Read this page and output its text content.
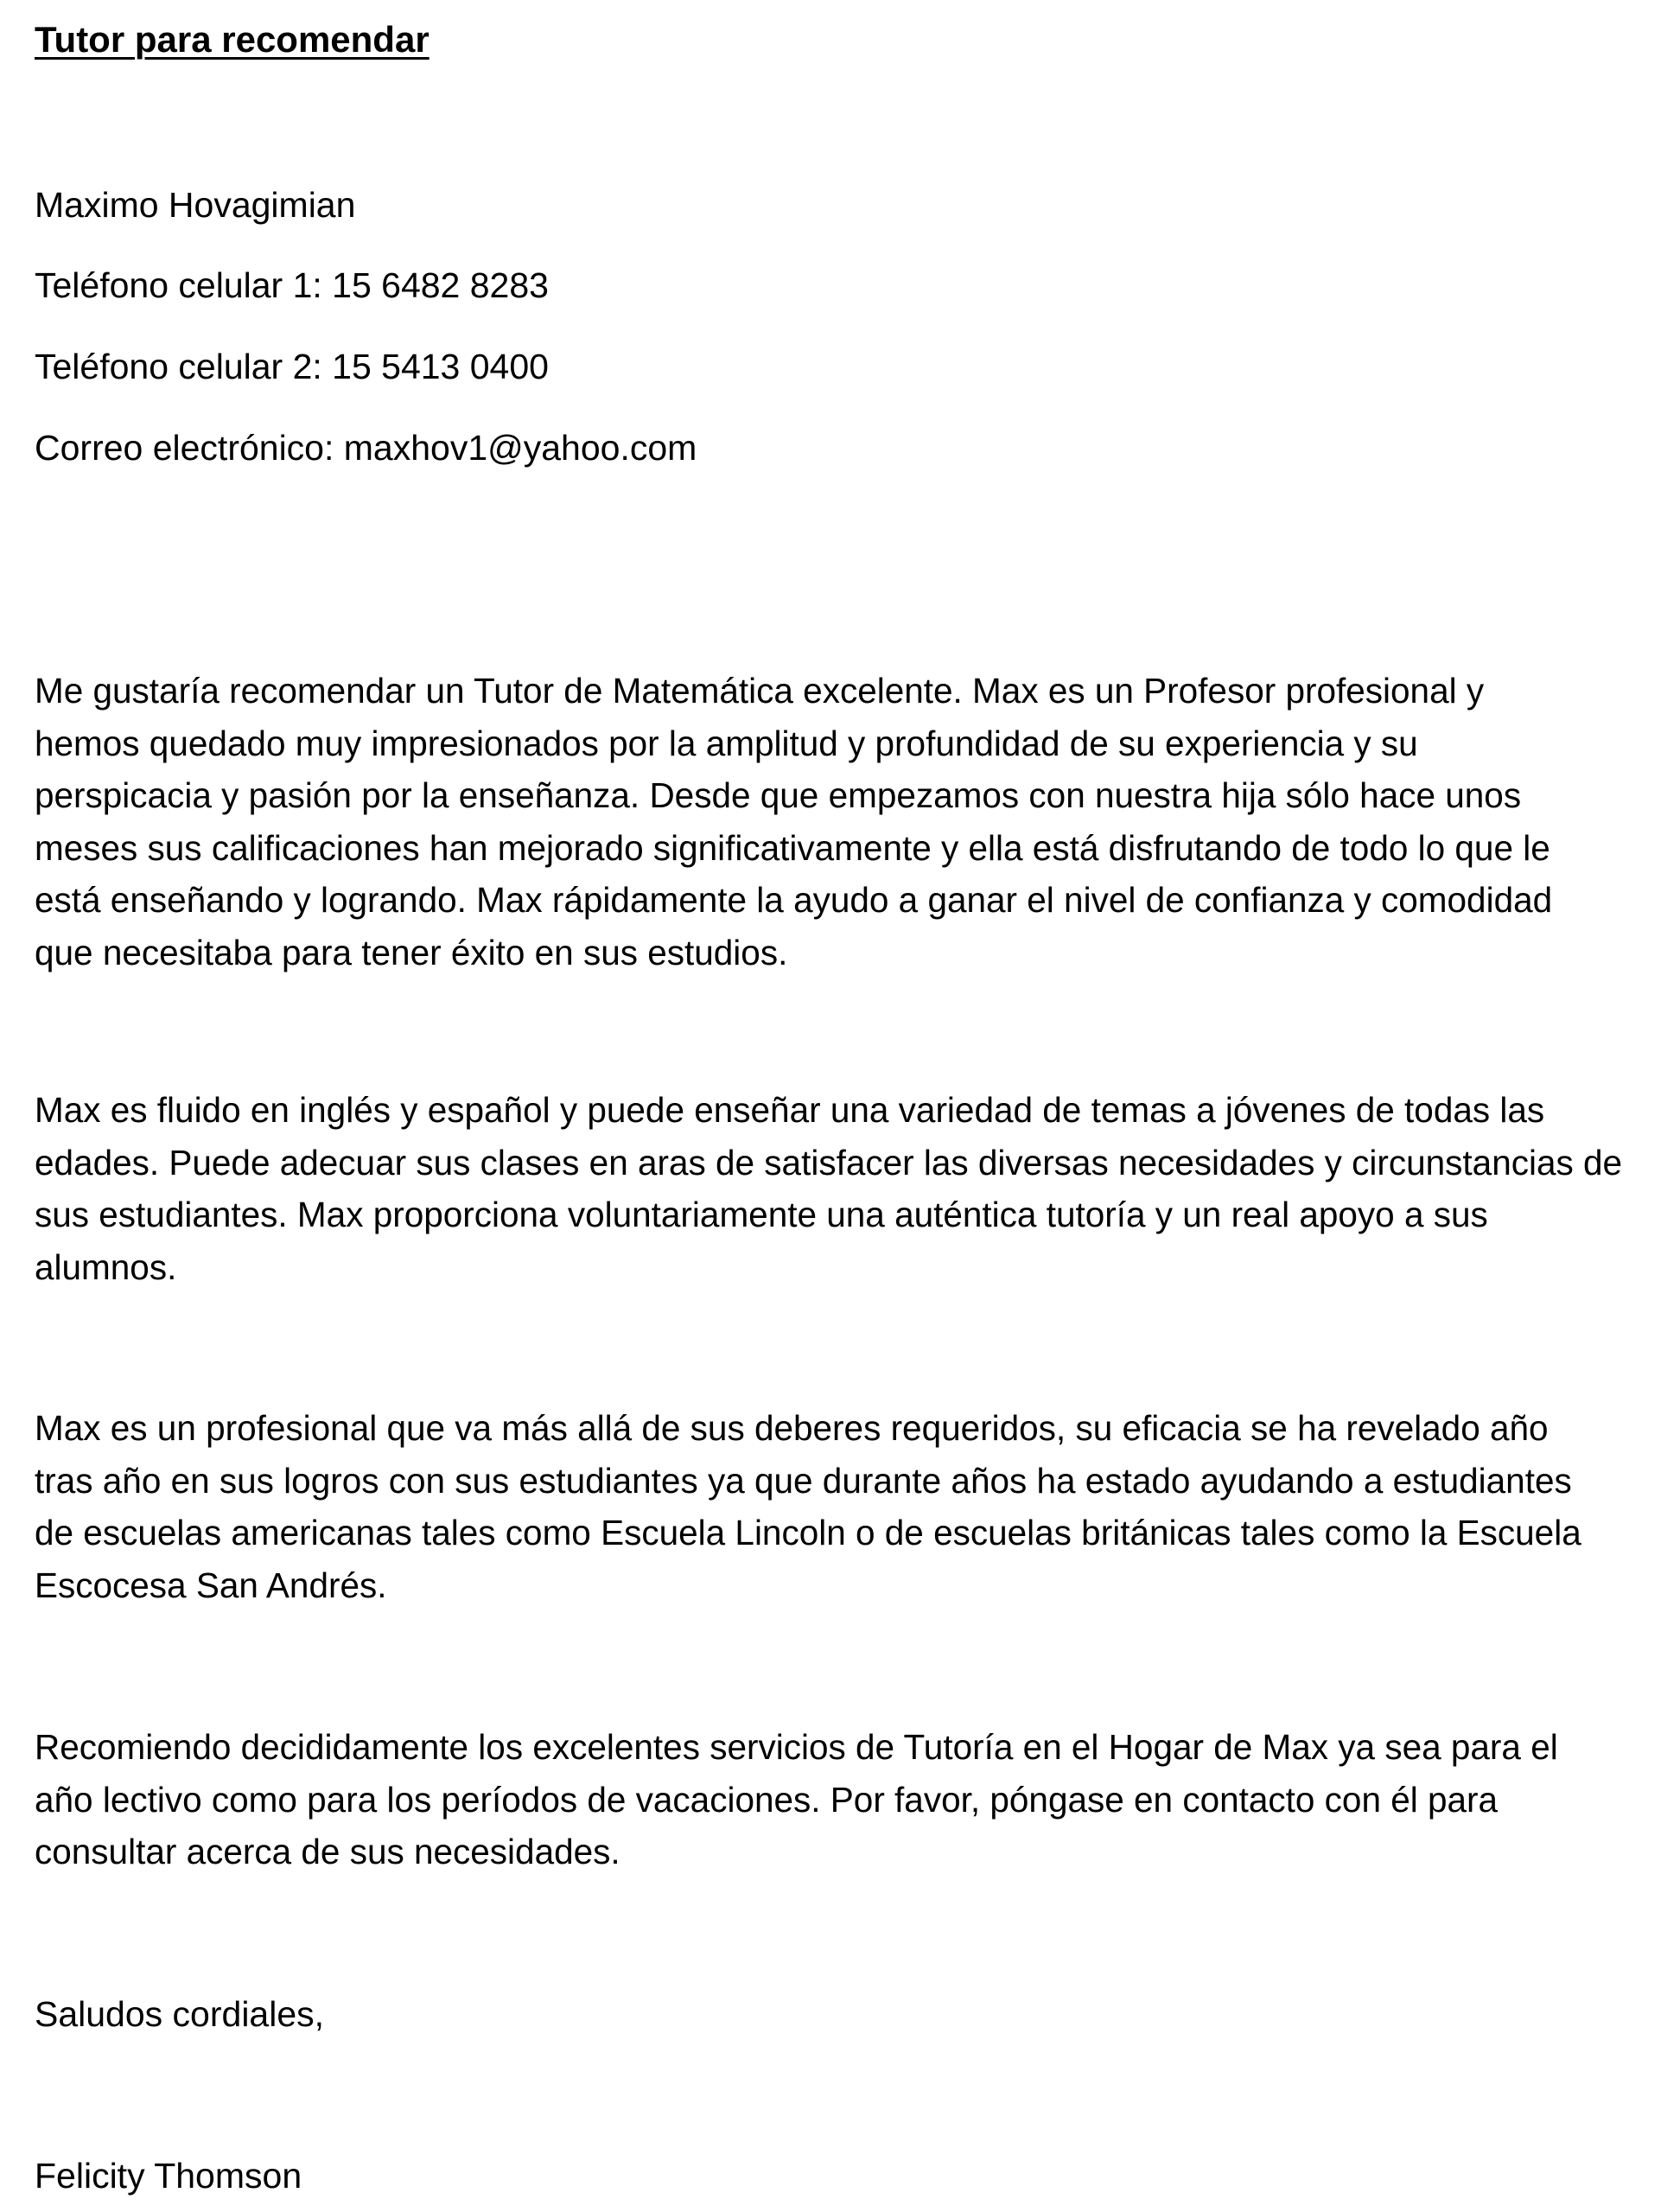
Tutor para recomendar

Maximo Hovagimian

Teléfono celular 1: 15 6482 8283

Teléfono celular 2: 15 5413 0400

Correo electrónico: maxhov1@yahoo.com

Me gustaría recomendar un Tutor de Matemática excelente. Max es un Profesor profesional y
hemos quedado muy impresionados por la amplitud y profundidad de su experiencia y su
perspicacia y pasión por la enseñanza. Desde que empezamos con nuestra hija sólo hace unos
meses sus calificaciones han mejorado significativamente y ella está disfrutando de todo lo que le
está enseñando y logrando. Max rápidamente la ayudo a ganar el nivel de confianza y comodidad
que necesitaba para tener éxito en sus estudios.
Max es fluido en inglés y español y puede enseñar una variedad de temas a jóvenes de todas las
edades. Puede adecuar sus clases en aras de satisfacer las diversas necesidades y circunstancias de
sus estudiantes. Max proporciona voluntariamente una auténtica tutoría y un real apoyo a sus
alumnos.
Max es un profesional que va más allá de sus deberes requeridos, su eficacia se ha revelado año
tras año en sus logros con sus estudiantes ya que durante años ha estado ayudando a estudiantes
de escuelas americanas tales como Escuela Lincoln o de escuelas británicas tales como la Escuela
Escocesa San Andrés.
Recomiendo decididamente los excelentes servicios de Tutoría en el Hogar de Max ya sea para el
año lectivo como para los períodos de vacaciones. Por favor, póngase en contacto con él para
consultar acerca de sus necesidades.

Saludos cordiales,

Felicity Thomson
